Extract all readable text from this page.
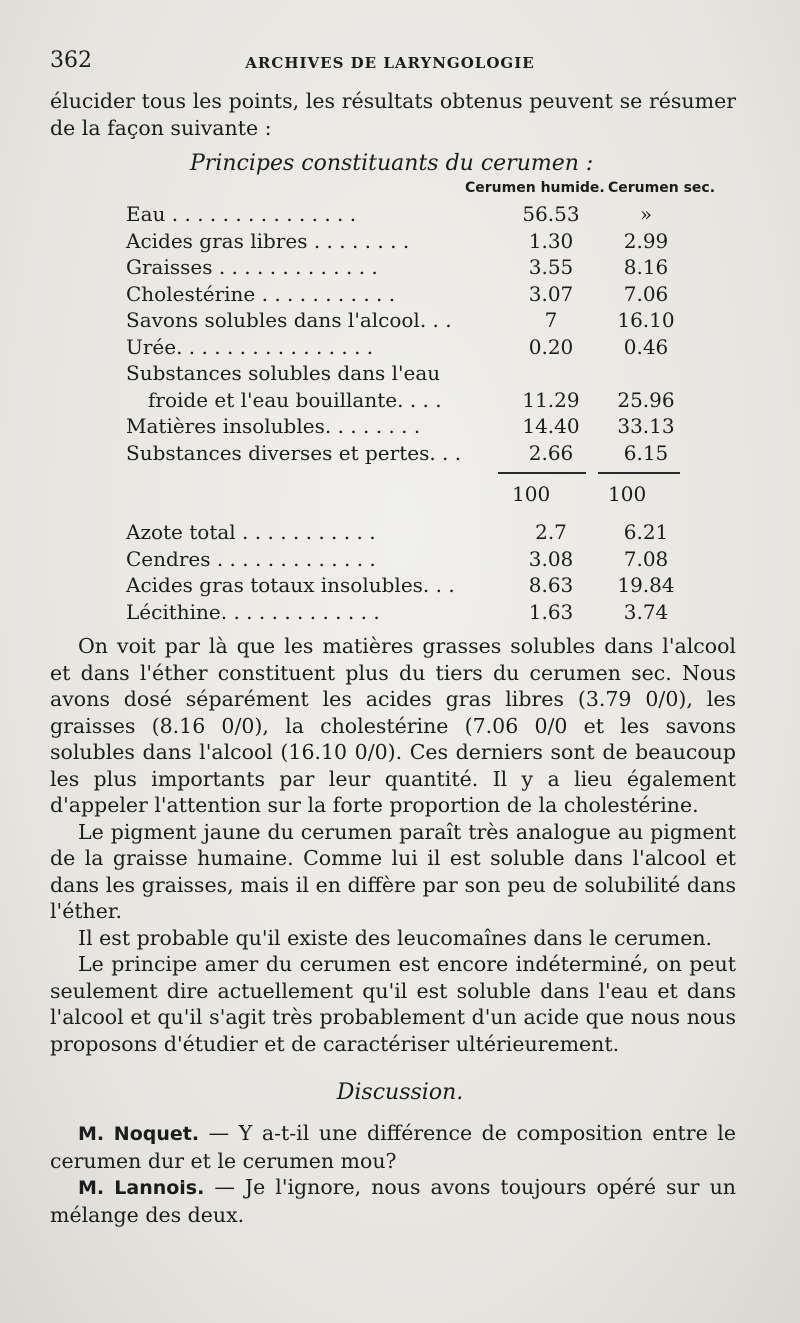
362	ARCHIVES DE LARYNGOLOGIE

élucider tous les points, les résultats obtenus peuvent se résumer de la façon suivante :

Principes constituants du cerumen :
Cerumen humide. Cerumen sec.
Eau . . . . . . . . . . . . . . .	56.53	»
Acides gras libres . . . . . . . .	1.30	2.99
Graisses . . . . . . . . . . . . .	3.55	8.16
Cholestérine . . . . . . . . . . .	3.07	7.06
Savons solubles dans l'alcool. . .	7	16.10
Urée. . . . . . . . . . . . . . . .	0.20	0.46
Substances solubles dans l'eau
froide et l'eau bouillante. . . .	11.29	25.96
Matières insolubles. . . . . . . .	14.40	33.13
Substances diverses et pertes. . .	2.66	6.15
100	100
Azote total . . . . . . . . . . .	2.7	6.21
Cendres . . . . . . . . . . . . .	3.08	7.08
Acides gras totaux insolubles. . .	8.63	19.84
Lécithine. . . . . . . . . . . . .	1.63	3.74

On voit par là que les matières grasses solubles dans l'alcool et dans l'éther constituent plus du tiers du cerumen sec. Nous avons dosé séparément les acides gras libres (3.79 0/0), les graisses (8.16 0/0), la cholestérine (7.06 0/0 et les savons solubles dans l'alcool (16.10 0/0). Ces derniers sont de beaucoup les plus importants par leur quantité. Il y a lieu également d'appeler l'attention sur la forte proportion de la cholestérine.

Le pigment jaune du cerumen paraît très analogue au pigment de la graisse humaine. Comme lui il est soluble dans l'alcool et dans les graisses, mais il en diffère par son peu de solubilité dans l'éther.

Il est probable qu'il existe des leucomaînes dans le cerumen.

Le principe amer du cerumen est encore indéterminé, on peut seulement dire actuellement qu'il est soluble dans l'eau et dans l'alcool et qu'il s'agit très probablement d'un acide que nous nous proposons d'étudier et de caractériser ultérieurement.

Discussion.

M. Noquet. — Y a-t-il une différence de composition entre le cerumen dur et le cerumen mou?

M. Lannois. — Je l'ignore, nous avons toujours opéré sur un mélange des deux.
